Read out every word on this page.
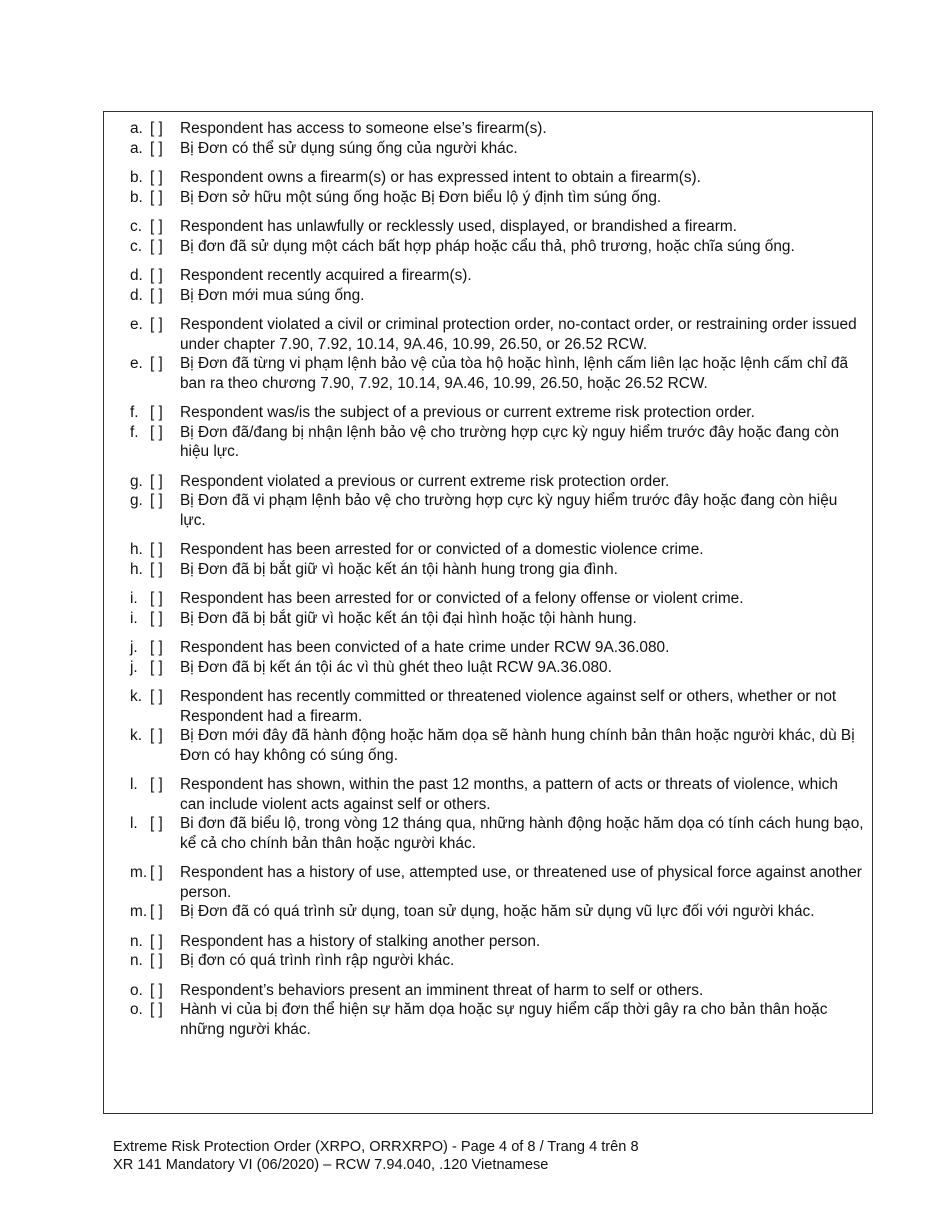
a. [ ]	Respondent has access to someone else’s firearm(s).
a. [ ]	Bị Đơn có thể sử dụng súng ống của người khác.
b. [ ]	Respondent owns a firearm(s) or has expressed intent to obtain a firearm(s).
b. [ ]	Bị Đơn sở hữu một súng ống hoặc Bị Đơn biểu lộ ý định tìm súng ống.
c. [ ]	Respondent has unlawfully or recklessly used, displayed, or brandished a firearm.
c. [ ]	Bị đơn đã sử dụng một cách bất hợp pháp hoặc cẩu thả, phô trương, hoặc chĩa súng ống.
d. [ ]	Respondent recently acquired a firearm(s).
d. [ ]	Bị Đơn mới mua súng ống.
e. [ ]	Respondent violated a civil or criminal protection order, no-contact order, or restraining order issued under chapter 7.90, 7.92, 10.14, 9A.46, 10.99, 26.50, or 26.52 RCW.
e. [ ]	Bị Đơn đã từng vi phạm lệnh bảo vệ của tòa hộ hoặc hình, lệnh cấm liên lạc hoặc lệnh cấm chỉ đã ban ra theo chương 7.90, 7.92, 10.14, 9A.46, 10.99, 26.50, hoặc 26.52 RCW.
f. [ ]	Respondent was/is the subject of a previous or current extreme risk protection order.
f. [ ]	Bị Đơn đã/đang bị nhận lệnh bảo vệ cho trường hợp cực kỳ nguy hiểm trước đây hoặc đang còn hiệu lực.
g. [ ]	Respondent violated a previous or current extreme risk protection order.
g. [ ]	Bị Đơn đã vi phạm lệnh bảo vệ cho trường hợp cực kỳ nguy hiểm trước đây hoặc đang còn hiệu lực.
h. [ ]	Respondent has been arrested for or convicted of a domestic violence crime.
h. [ ]	Bị Đơn đã bị bắt giữ vì hoặc kết án tội hành hung trong gia đình.
i. [ ]	Respondent has been arrested for or convicted of a felony offense or violent crime.
i. [ ]	Bị Đơn đã bị bắt giữ vì hoặc kết án tội đại hình hoặc tội hành hung.
j. [ ]	Respondent has been convicted of a hate crime under RCW 9A.36.080.
j. [ ]	Bị Đơn đã bị kết án tội ác vì thù ghét theo luật RCW 9A.36.080.
k. [ ]	Respondent has recently committed or threatened violence against self or others, whether or not Respondent had a firearm.
k. [ ]	Bị Đơn mới đây đã hành động hoặc hăm dọa sẽ hành hung chính bản thân hoặc người khác, dù Bị Đơn có hay không có súng ống.
l. [ ]	Respondent has shown, within the past 12 months, a pattern of acts or threats of violence, which can include violent acts against self or others.
l. [ ]	Bi đơn đã biểu lộ, trong vòng 12 tháng qua, những hành động hoặc hăm dọa có tính cách hung bạo, kể cả cho chính bản thân hoặc người khác.
m. [ ]	Respondent has a history of use, attempted use, or threatened use of physical force against another person.
m. [ ]	Bị Đơn đã có quá trình sử dụng, toan sử dụng, hoặc hăm sử dụng vũ lực đối với người khác.
n. [ ]	Respondent has a history of stalking another person.
n. [ ]	Bị đơn có quá trình rình rập người khác.
o. [ ]	Respondent’s behaviors present an imminent threat of harm to self or others.
o. [ ]	Hành vi của bị đơn thể hiện sự hăm dọa hoặc sự nguy hiểm cấp thời gây ra cho bản thân hoặc những người khác.
Extreme Risk Protection Order (XRPO, ORRXRPO) - Page 4 of 8 / Trang 4 trên 8
XR 141 Mandatory VI (06/2020) – RCW 7.94.040, .120 Vietnamese
